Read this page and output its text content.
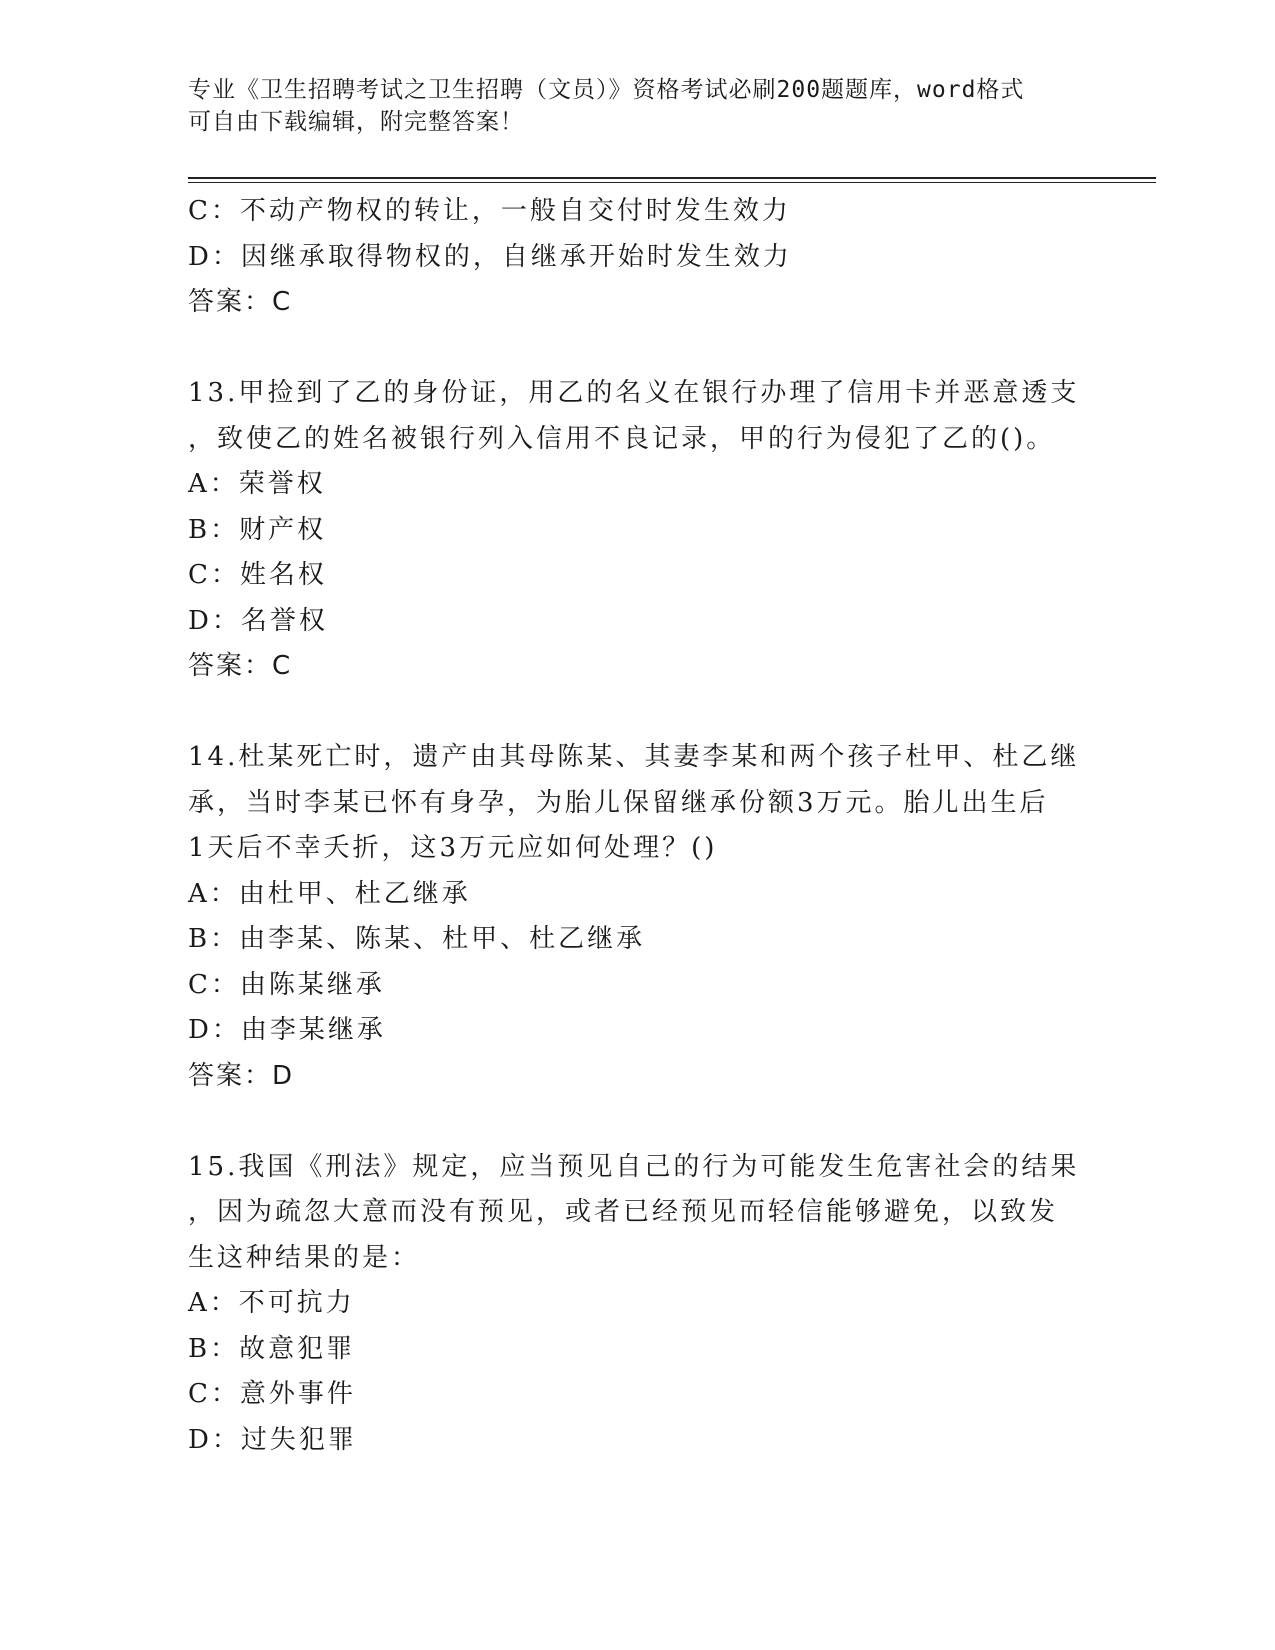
专业《卫生招聘考试之卫生招聘（文员）》资格考试必刷200题题库，word格式
可自由下载编辑，附完整答案！
C：不动产物权的转让，一般自交付时发生效力
D：因继承取得物权的，自继承开始时发生效力
答案：C
13.甲捡到了乙的身份证，用乙的名义在银行办理了信用卡并恶意透支
，致使乙的姓名被银行列入信用不良记录，甲的行为侵犯了乙的()。
A：荣誉权
B：财产权
C：姓名权
D：名誉权
答案：C
14.杜某死亡时，遗产由其母陈某、其妻李某和两个孩子杜甲、杜乙继
承，当时李某已怀有身孕，为胎儿保留继承份额3万元。胎儿出生后
1天后不幸夭折，这3万元应如何处理？()
A：由杜甲、杜乙继承
B：由李某、陈某、杜甲、杜乙继承
C：由陈某继承
D：由李某继承
答案：D
15.我国《刑法》规定，应当预见自己的行为可能发生危害社会的结果
，因为疏忽大意而没有预见，或者已经预见而轻信能够避免，以致发
生这种结果的是：
A：不可抗力
B：故意犯罪
C：意外事件
D：过失犯罪
